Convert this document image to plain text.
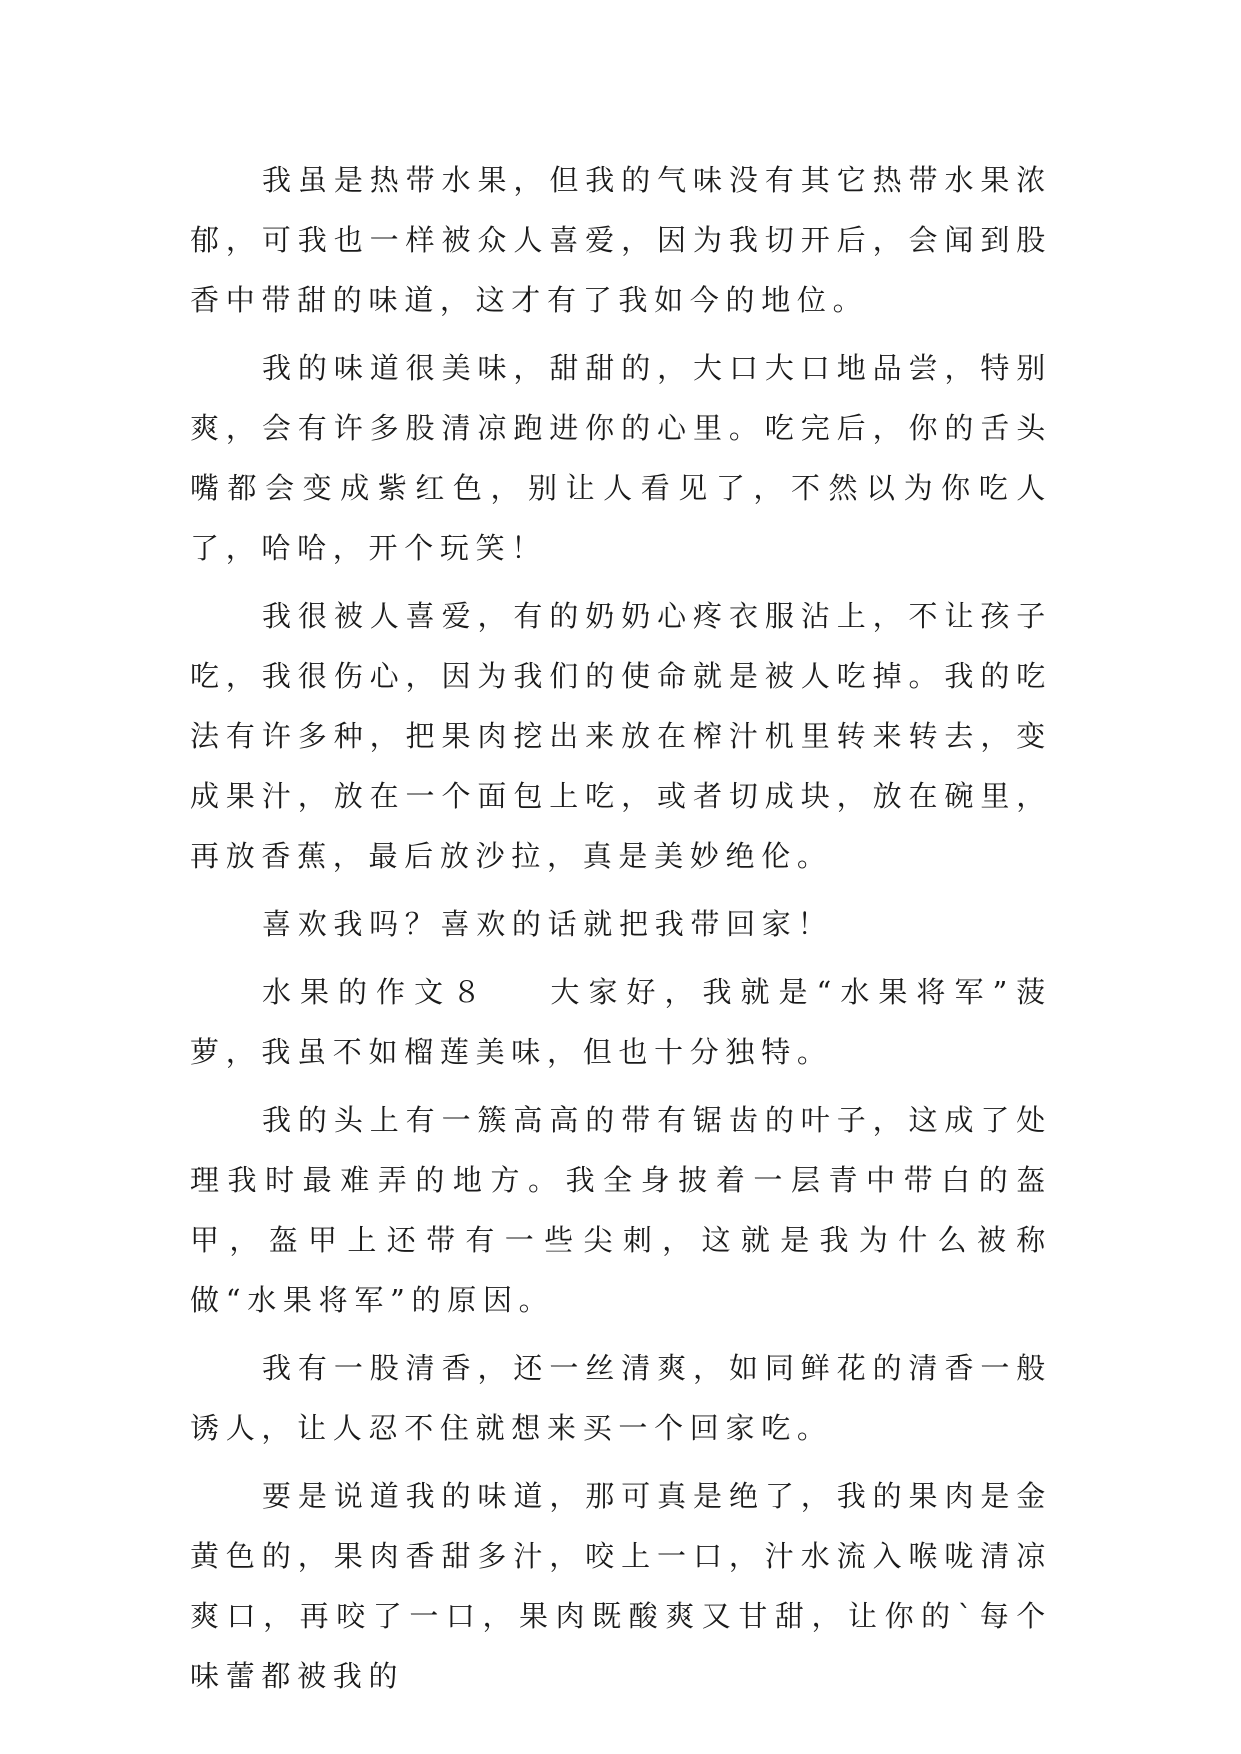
我虽是热带水果，但我的气味没有其它热带水果浓郁，可我也一样被众人喜爱，因为我切开后，会闻到股香中带甜的味道，这才有了我如今的地位。

我的味道很美味，甜甜的，大口大口地品尝，特别爽，会有许多股清凉跑进你的心里。吃完后，你的舌头嘴都会变成紫红色，别让人看见了，不然以为你吃人了，哈哈，开个玩笑！

我很被人喜爱，有的奶奶心疼衣服沾上，不让孩子吃，我很伤心，因为我们的使命就是被人吃掉。我的吃法有许多种，把果肉挖出来放在榨汁机里转来转去，变成果汁，放在一个面包上吃，或者切成块，放在碗里，再放香蕉，最后放沙拉，真是美妙绝伦。

喜欢我吗？喜欢的话就把我带回家！

水果的作文８ 大家好，我就是“水果将军”菠萝，我虽不如榴莲美味，但也十分独特。

我的头上有一簇高高的带有锯齿的叶子，这成了处理我时最难弄的地方。我全身披着一层青中带白的盔甲，盔甲上还带有一些尖刺，这就是我为什么被称做“水果将军”的原因。

我有一股清香，还一丝清爽，如同鲜花的清香一般诱人，让人忍不住就想来买一个回家吃。

要是说道我的味道，那可真是绝了，我的果肉是金黄色的，果肉香甜多汁，咬上一口，汁水流入喉咙清凉爽口，再咬了一口，果肉既酸爽又甘甜，让你的`每个味蕾都被我的
